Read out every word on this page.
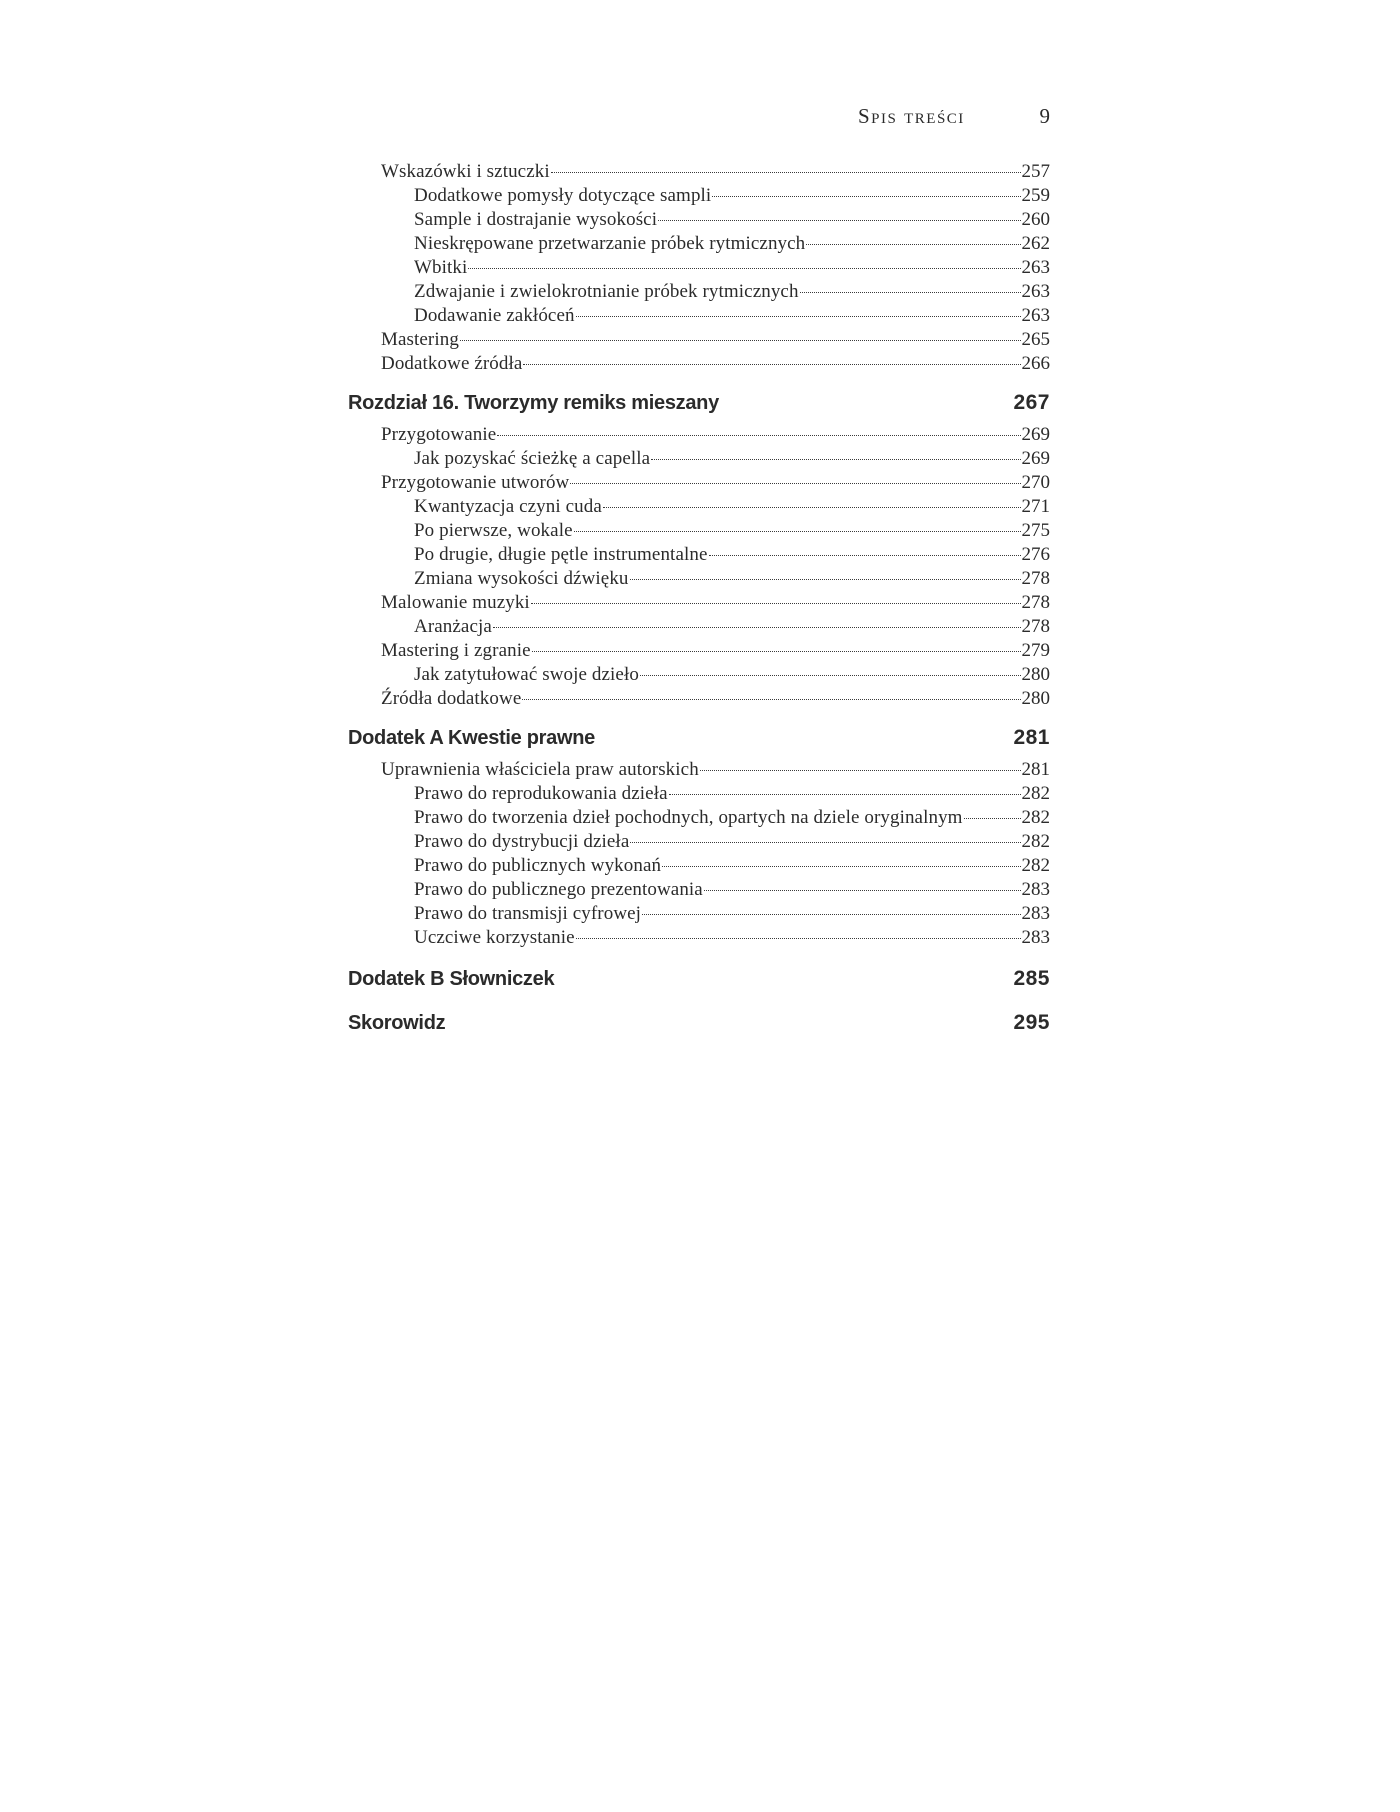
Spis treści	9
Wskazówki i sztuczki	257
Dodatkowe pomysły dotyczące sampli	259
Sample i dostrajanie wysokości	260
Nieskrępowane przetwarzanie próbek rytmicznych	262
Wbitki	263
Zdwajanie i zwielokrotnianie próbek rytmicznych	263
Dodawanie zakłóceń	263
Mastering	265
Dodatkowe źródła	266
Rozdział 16. Tworzymy remiks mieszany	267
Przygotowanie	269
Jak pozyskać ścieżkę a capella	269
Przygotowanie utworów	270
Kwantyzacja czyni cuda	271
Po pierwsze, wokale	275
Po drugie, długie pętle instrumentalne	276
Zmiana wysokości dźwięku	278
Malowanie muzyki	278
Aranżacja	278
Mastering i zgranie	279
Jak zatytułować swoje dzieło	280
Źródła dodatkowe	280
Dodatek A Kwestie prawne	281
Uprawnienia właściciela praw autorskich	281
Prawo do reprodukowania dzieła	282
Prawo do tworzenia dzieł pochodnych, opartych na dziele oryginalnym	282
Prawo do dystrybucji dzieła	282
Prawo do publicznych wykonań	282
Prawo do publicznego prezentowania	283
Prawo do transmisji cyfrowej	283
Uczciwe korzystanie	283
Dodatek B Słowniczek	285
Skorowidz	295
